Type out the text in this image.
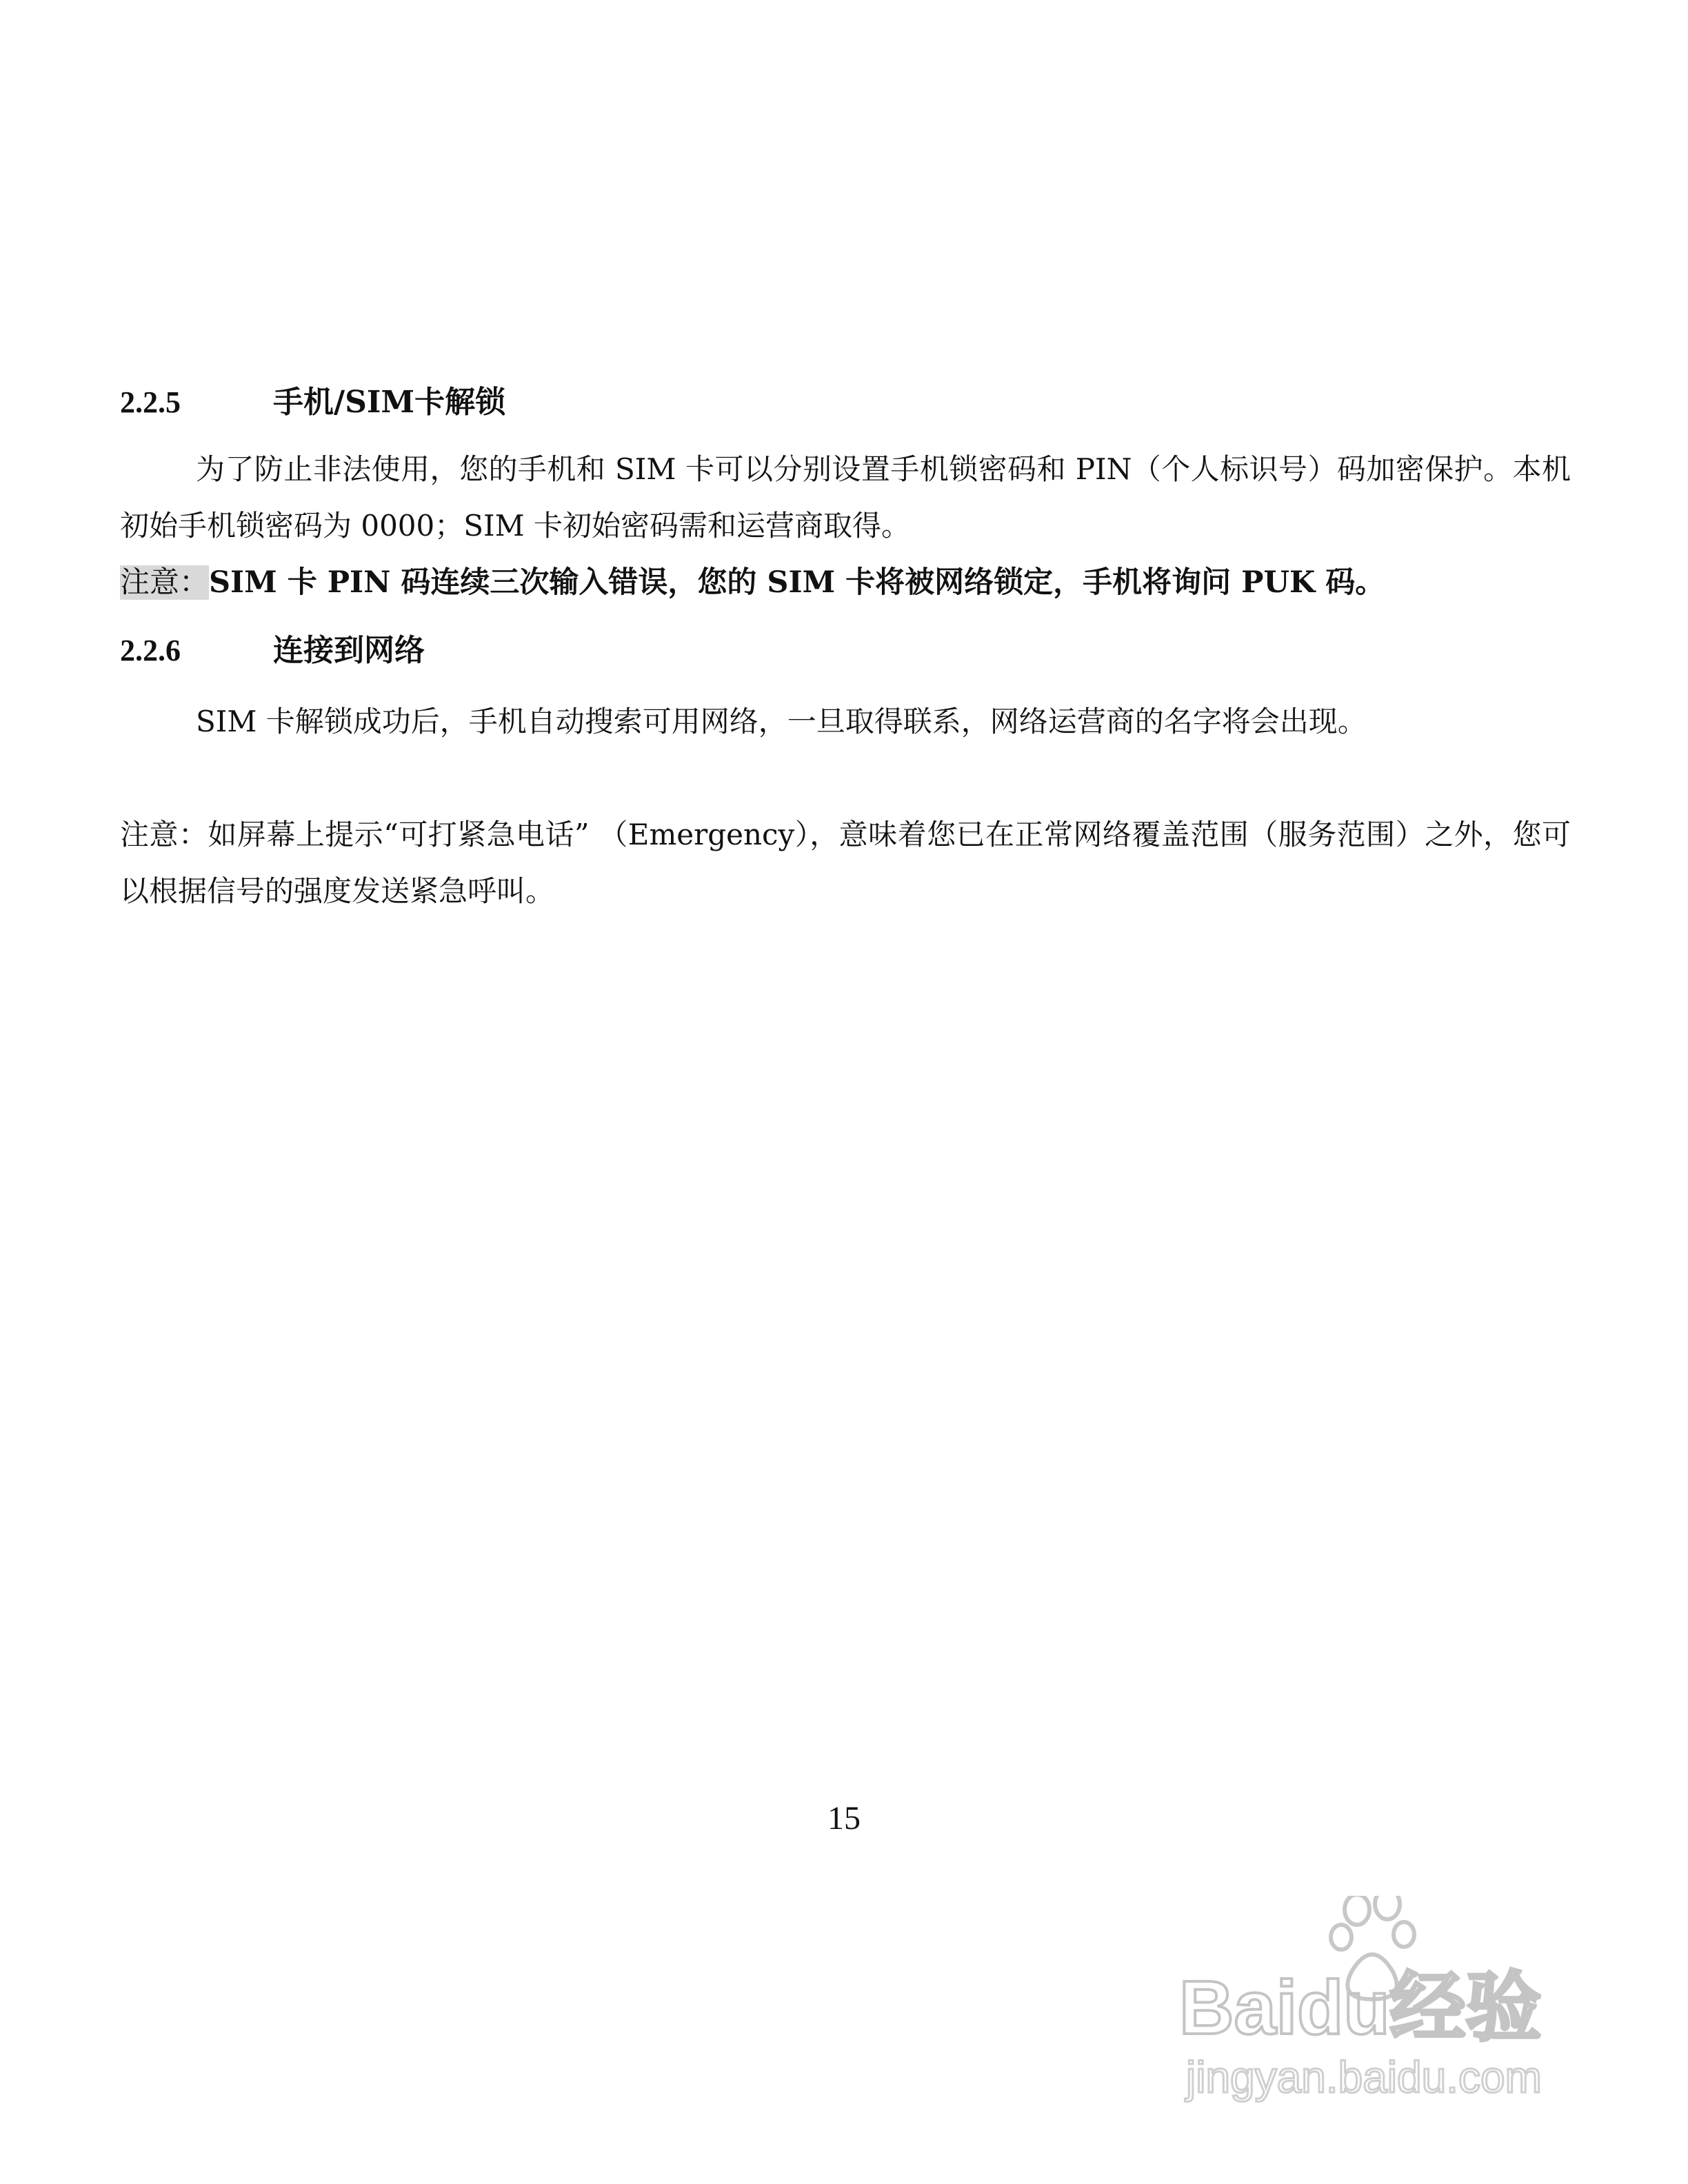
2.2.5	手机/SIM卡解锁
为了防止非法使用，您的手机和 SIM 卡可以分别设置手机锁密码和 PIN（个人标识号）码加密保护。本机初始手机锁密码为 0000；SIM 卡初始密码需和运营商取得。
注意：SIM 卡 PIN 码连续三次输入错误，您的 SIM 卡将被网络锁定，手机将询问 PUK 码。
2.2.6	连接到网络
SIM 卡解锁成功后，手机自动搜索可用网络，一旦取得联系，网络运营商的名字将会出现。
注意：如屏幕上提示“可打紧急电话” （Emergency），意味着您已在正常网络覆盖范围（服务范围）之外，您可以根据信号的强度发送紧急呼叫。
15
Baidu经验
jingyan.baidu.com
